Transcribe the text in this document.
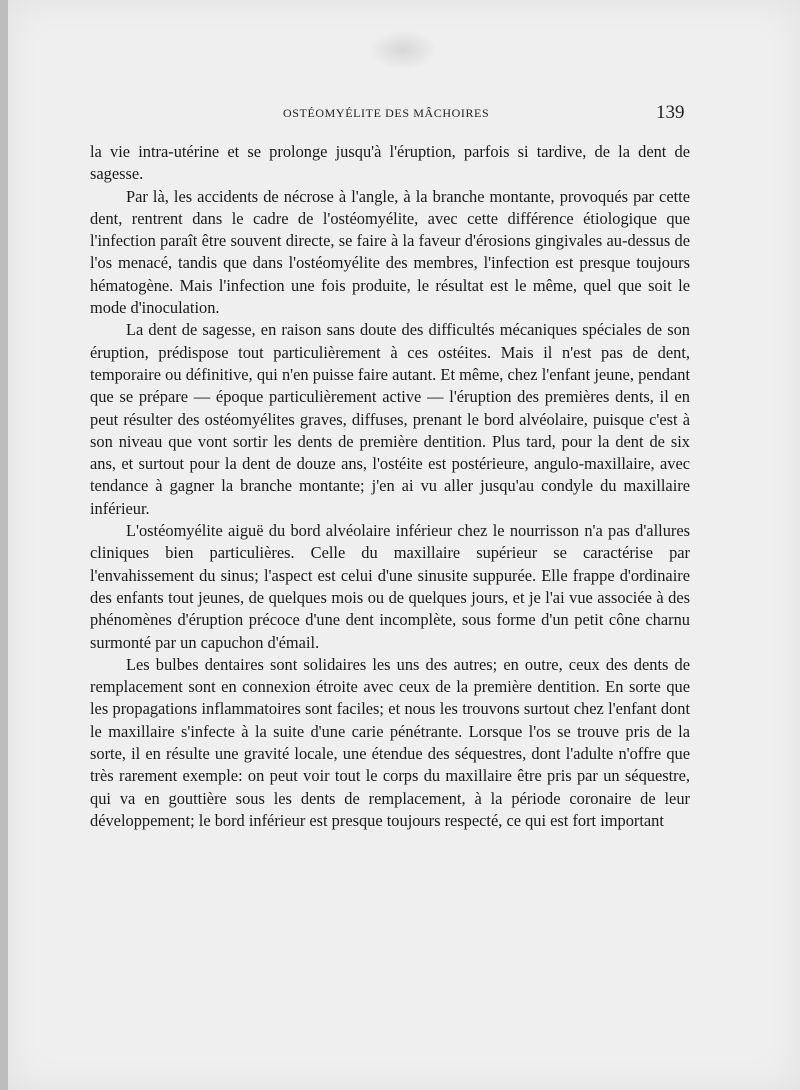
OSTÉOMYÉLITE DES MÂCHOIRES	139

la vie intra-utérine et se prolonge jusqu'à l'éruption, parfois si tardive, de la dent de sagesse.

Par là, les accidents de nécrose à l'angle, à la branche montante, provoqués par cette dent, rentrent dans le cadre de l'ostéomyélite, avec cette différence étiologique que l'infection paraît être souvent directe, se faire à la faveur d'érosions gingivales au-dessus de l'os menacé, tandis que dans l'ostéomyélite des membres, l'infection est presque toujours hématogène. Mais l'infection une fois produite, le résultat est le même, quel que soit le mode d'inoculation.

La dent de sagesse, en raison sans doute des difficultés mécaniques spéciales de son éruption, prédispose tout particulièrement à ces ostéites. Mais il n'est pas de dent, temporaire ou définitive, qui n'en puisse faire autant. Et même, chez l'enfant jeune, pendant que se prépare — époque particulièrement active — l'éruption des premières dents, il en peut résulter des ostéomyélites graves, diffuses, prenant le bord alvéolaire, puisque c'est à son niveau que vont sortir les dents de première dentition. Plus tard, pour la dent de six ans, et surtout pour la dent de douze ans, l'ostéite est postérieure, angulo-maxillaire, avec tendance à gagner la branche montante; j'en ai vu aller jusqu'au condyle du maxillaire inférieur.

L'ostéomyélite aiguë du bord alvéolaire inférieur chez le nourrisson n'a pas d'allures cliniques bien particulières. Celle du maxillaire supérieur se caractérise par l'envahissement du sinus; l'aspect est celui d'une sinusite suppurée. Elle frappe d'ordinaire des enfants tout jeunes, de quelques mois ou de quelques jours, et je l'ai vue associée à des phénomènes d'éruption précoce d'une dent incomplète, sous forme d'un petit cône charnu surmonté par un capuchon d'émail.

Les bulbes dentaires sont solidaires les uns des autres; en outre, ceux des dents de remplacement sont en connexion étroite avec ceux de la première dentition. En sorte que les propagations inflammatoires sont faciles; et nous les trouvons surtout chez l'enfant dont le maxillaire s'infecte à la suite d'une carie pénétrante. Lorsque l'os se trouve pris de la sorte, il en résulte une gravité locale, une étendue des séquestres, dont l'adulte n'offre que très rarement exemple: on peut voir tout le corps du maxillaire être pris par un séquestre, qui va en gouttière sous les dents de remplacement, à la période coronaire de leur développement; le bord inférieur est presque toujours respecté, ce qui est fort important
